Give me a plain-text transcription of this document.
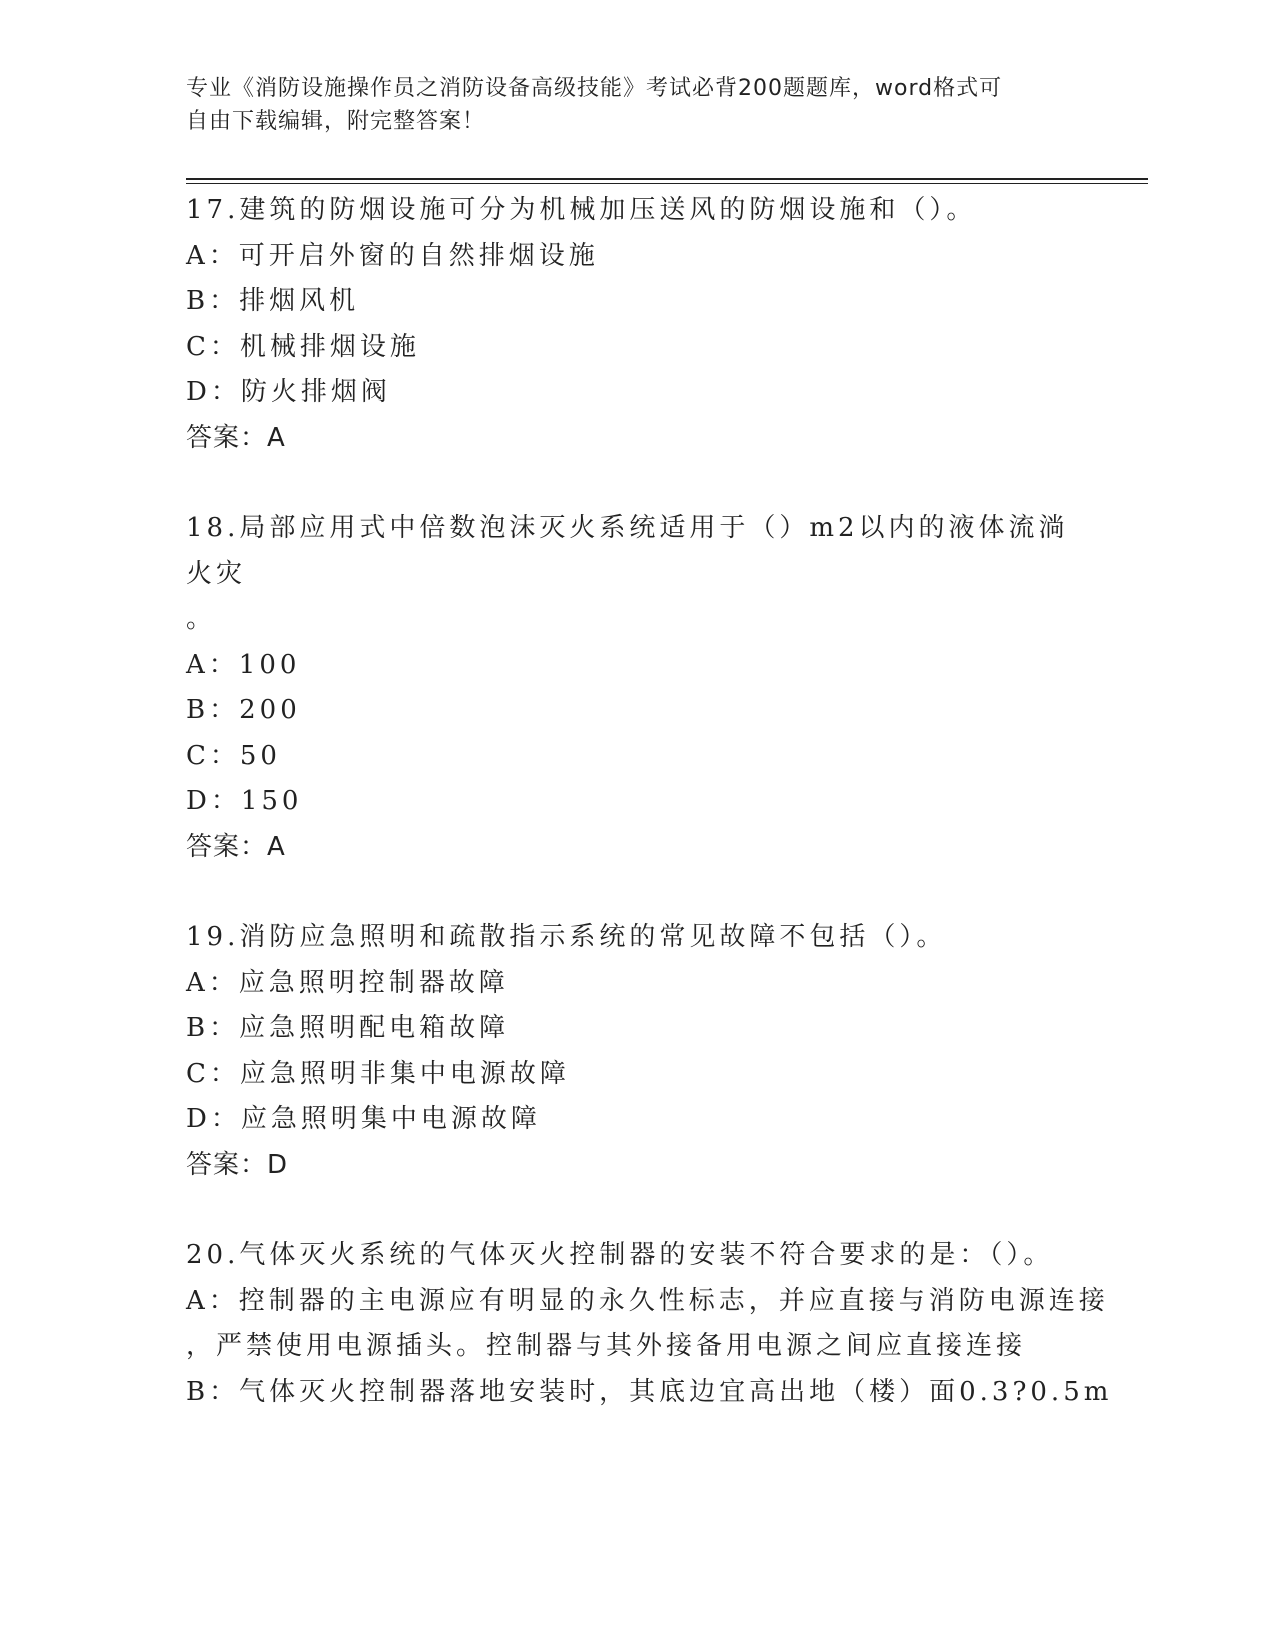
专业《消防设施操作员之消防设备高级技能》考试必背200题题库，word格式可
自由下载编辑，附完整答案！
17.建筑的防烟设施可分为机械加压送风的防烟设施和（）。
A：可开启外窗的自然排烟设施
B：排烟风机
C：机械排烟设施
D：防火排烟阀
答案：A
18.局部应用式中倍数泡沫灭火系统适用于（）m2以内的液体流淌火灾
。
A：100
B：200
C：50
D：150
答案：A
19.消防应急照明和疏散指示系统的常见故障不包括（）。
A：应急照明控制器故障
B：应急照明配电箱故障
C：应急照明非集中电源故障
D：应急照明集中电源故障
答案：D
20.气体灭火系统的气体灭火控制器的安装不符合要求的是：（）。
A：控制器的主电源应有明显的永久性标志，并应直接与消防电源连接
，严禁使用电源插头。控制器与其外接备用电源之间应直接连接
B：气体灭火控制器落地安装时，其底边宜高出地（楼）面0.3?0.5m
